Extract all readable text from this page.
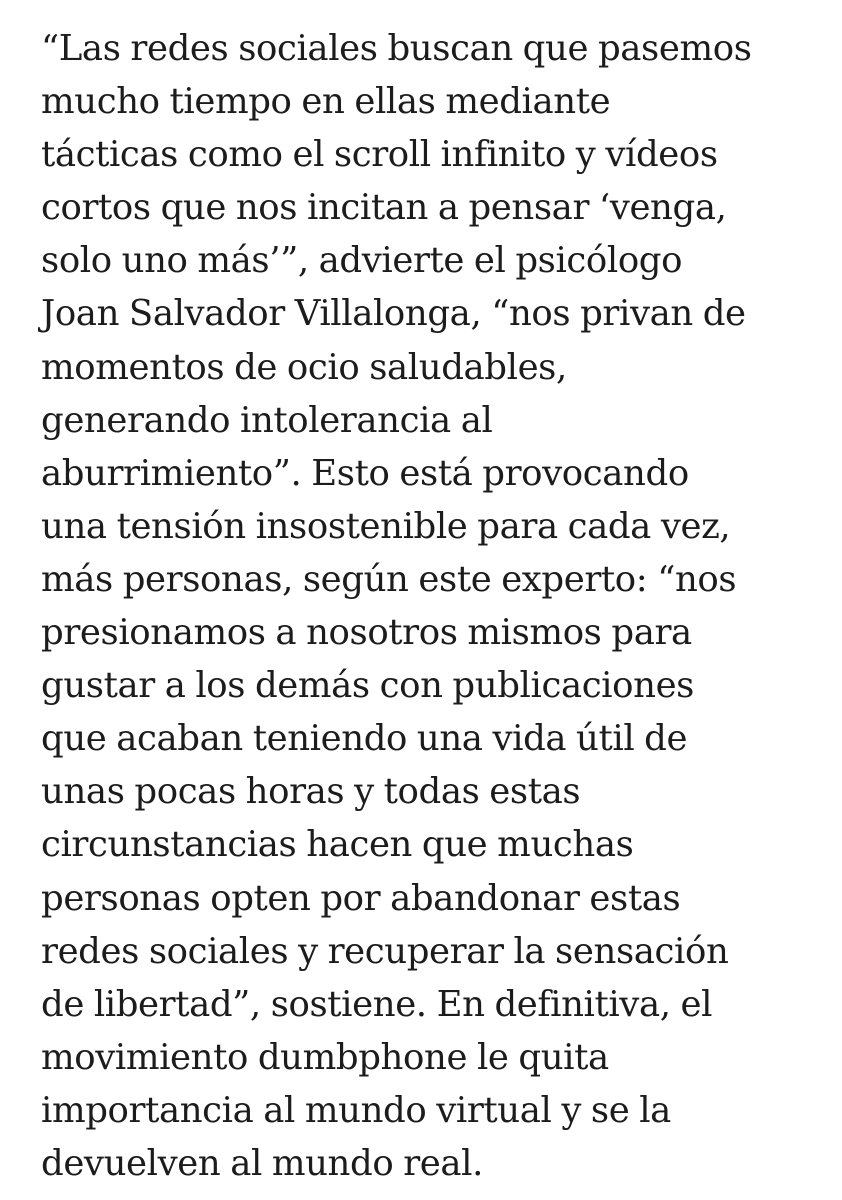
“Las redes sociales buscan que pasemos
mucho tiempo en ellas mediante
tácticas como el scroll infinito y vídeos
cortos que nos incitan a pensar ‘venga,
solo uno más’”, advierte el psicólogo
Joan Salvador Villalonga, “nos privan de
momentos de ocio saludables,
generando intolerancia al
aburrimiento”. Esto está provocando
una tensión insostenible para cada vez,
más personas, según este experto: “nos
presionamos a nosotros mismos para
gustar a los demás con publicaciones
que acaban teniendo una vida útil de
unas pocas horas y todas estas
circunstancias hacen que muchas
personas opten por abandonar estas
redes sociales y recuperar la sensación
de libertad”, sostiene. En definitiva, el
movimiento dumbphone le quita
importancia al mundo virtual y se la
devuelven al mundo real.
